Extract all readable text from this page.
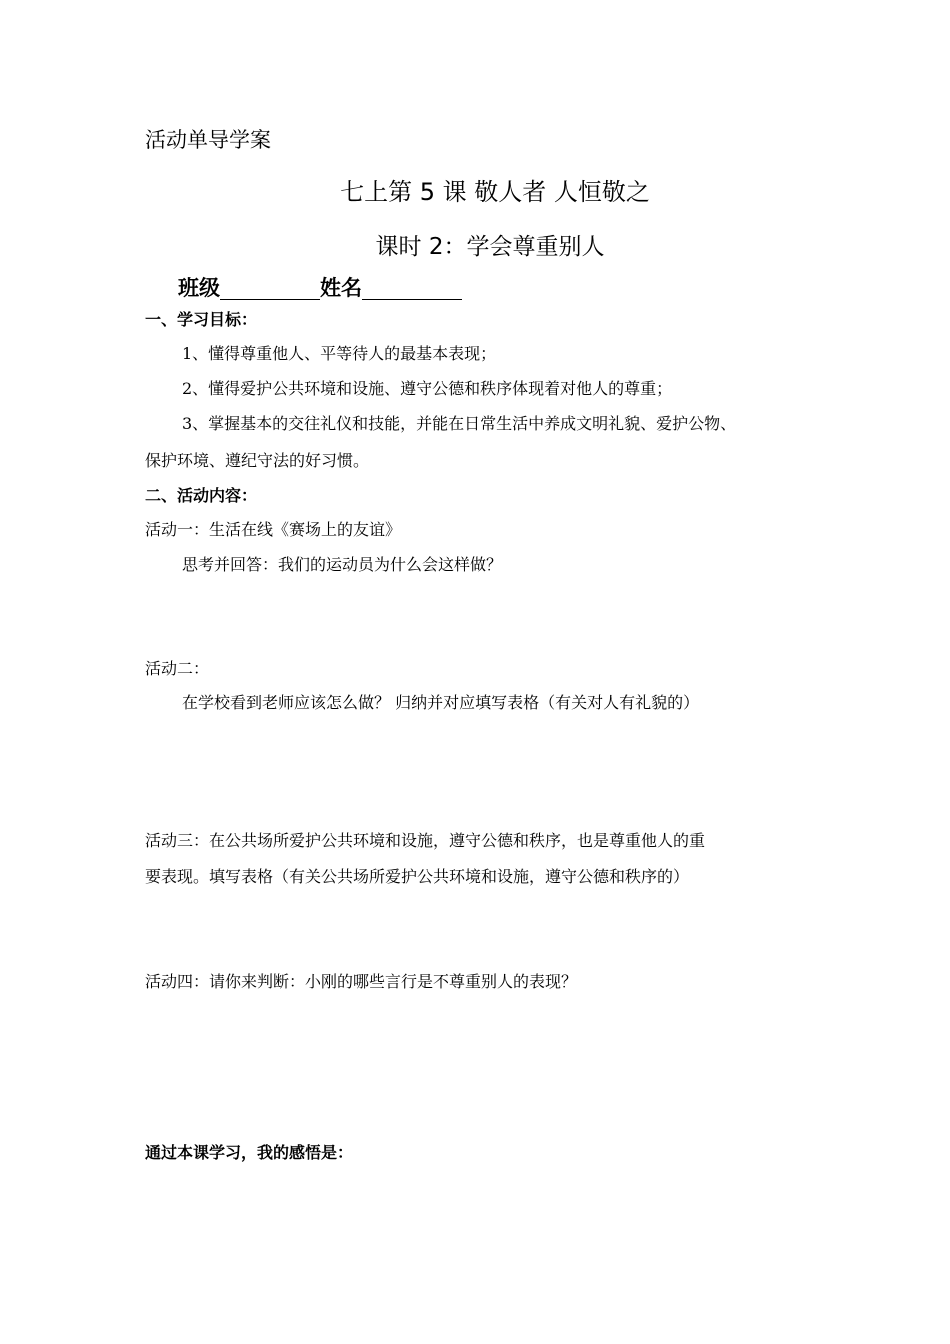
活动单导学案
七上第 5 课 敬人者 人恒敬之
课时 2：学会尊重别人
班级	姓名
一、学习目标：
1、懂得尊重他人、平等待人的最基本表现；
2、懂得爱护公共环境和设施、遵守公德和秩序体现着对他人的尊重；
3、掌握基本的交往礼仪和技能，并能在日常生活中养成文明礼貌、爱护公物、
保护环境、遵纪守法的好习惯。
二、活动内容：
活动一：生活在线《赛场上的友谊》
思考并回答：我们的运动员为什么会这样做？
活动二：
在学校看到老师应该怎么做？ 归纳并对应填写表格（有关对人有礼貌的）
活动三：在公共场所爱护公共环境和设施，遵守公德和秩序，也是尊重他人的重
要表现。填写表格（有关公共场所爱护公共环境和设施，遵守公德和秩序的）
活动四：请你来判断：小刚的哪些言行是不尊重别人的表现？
通过本课学习，我的感悟是：
